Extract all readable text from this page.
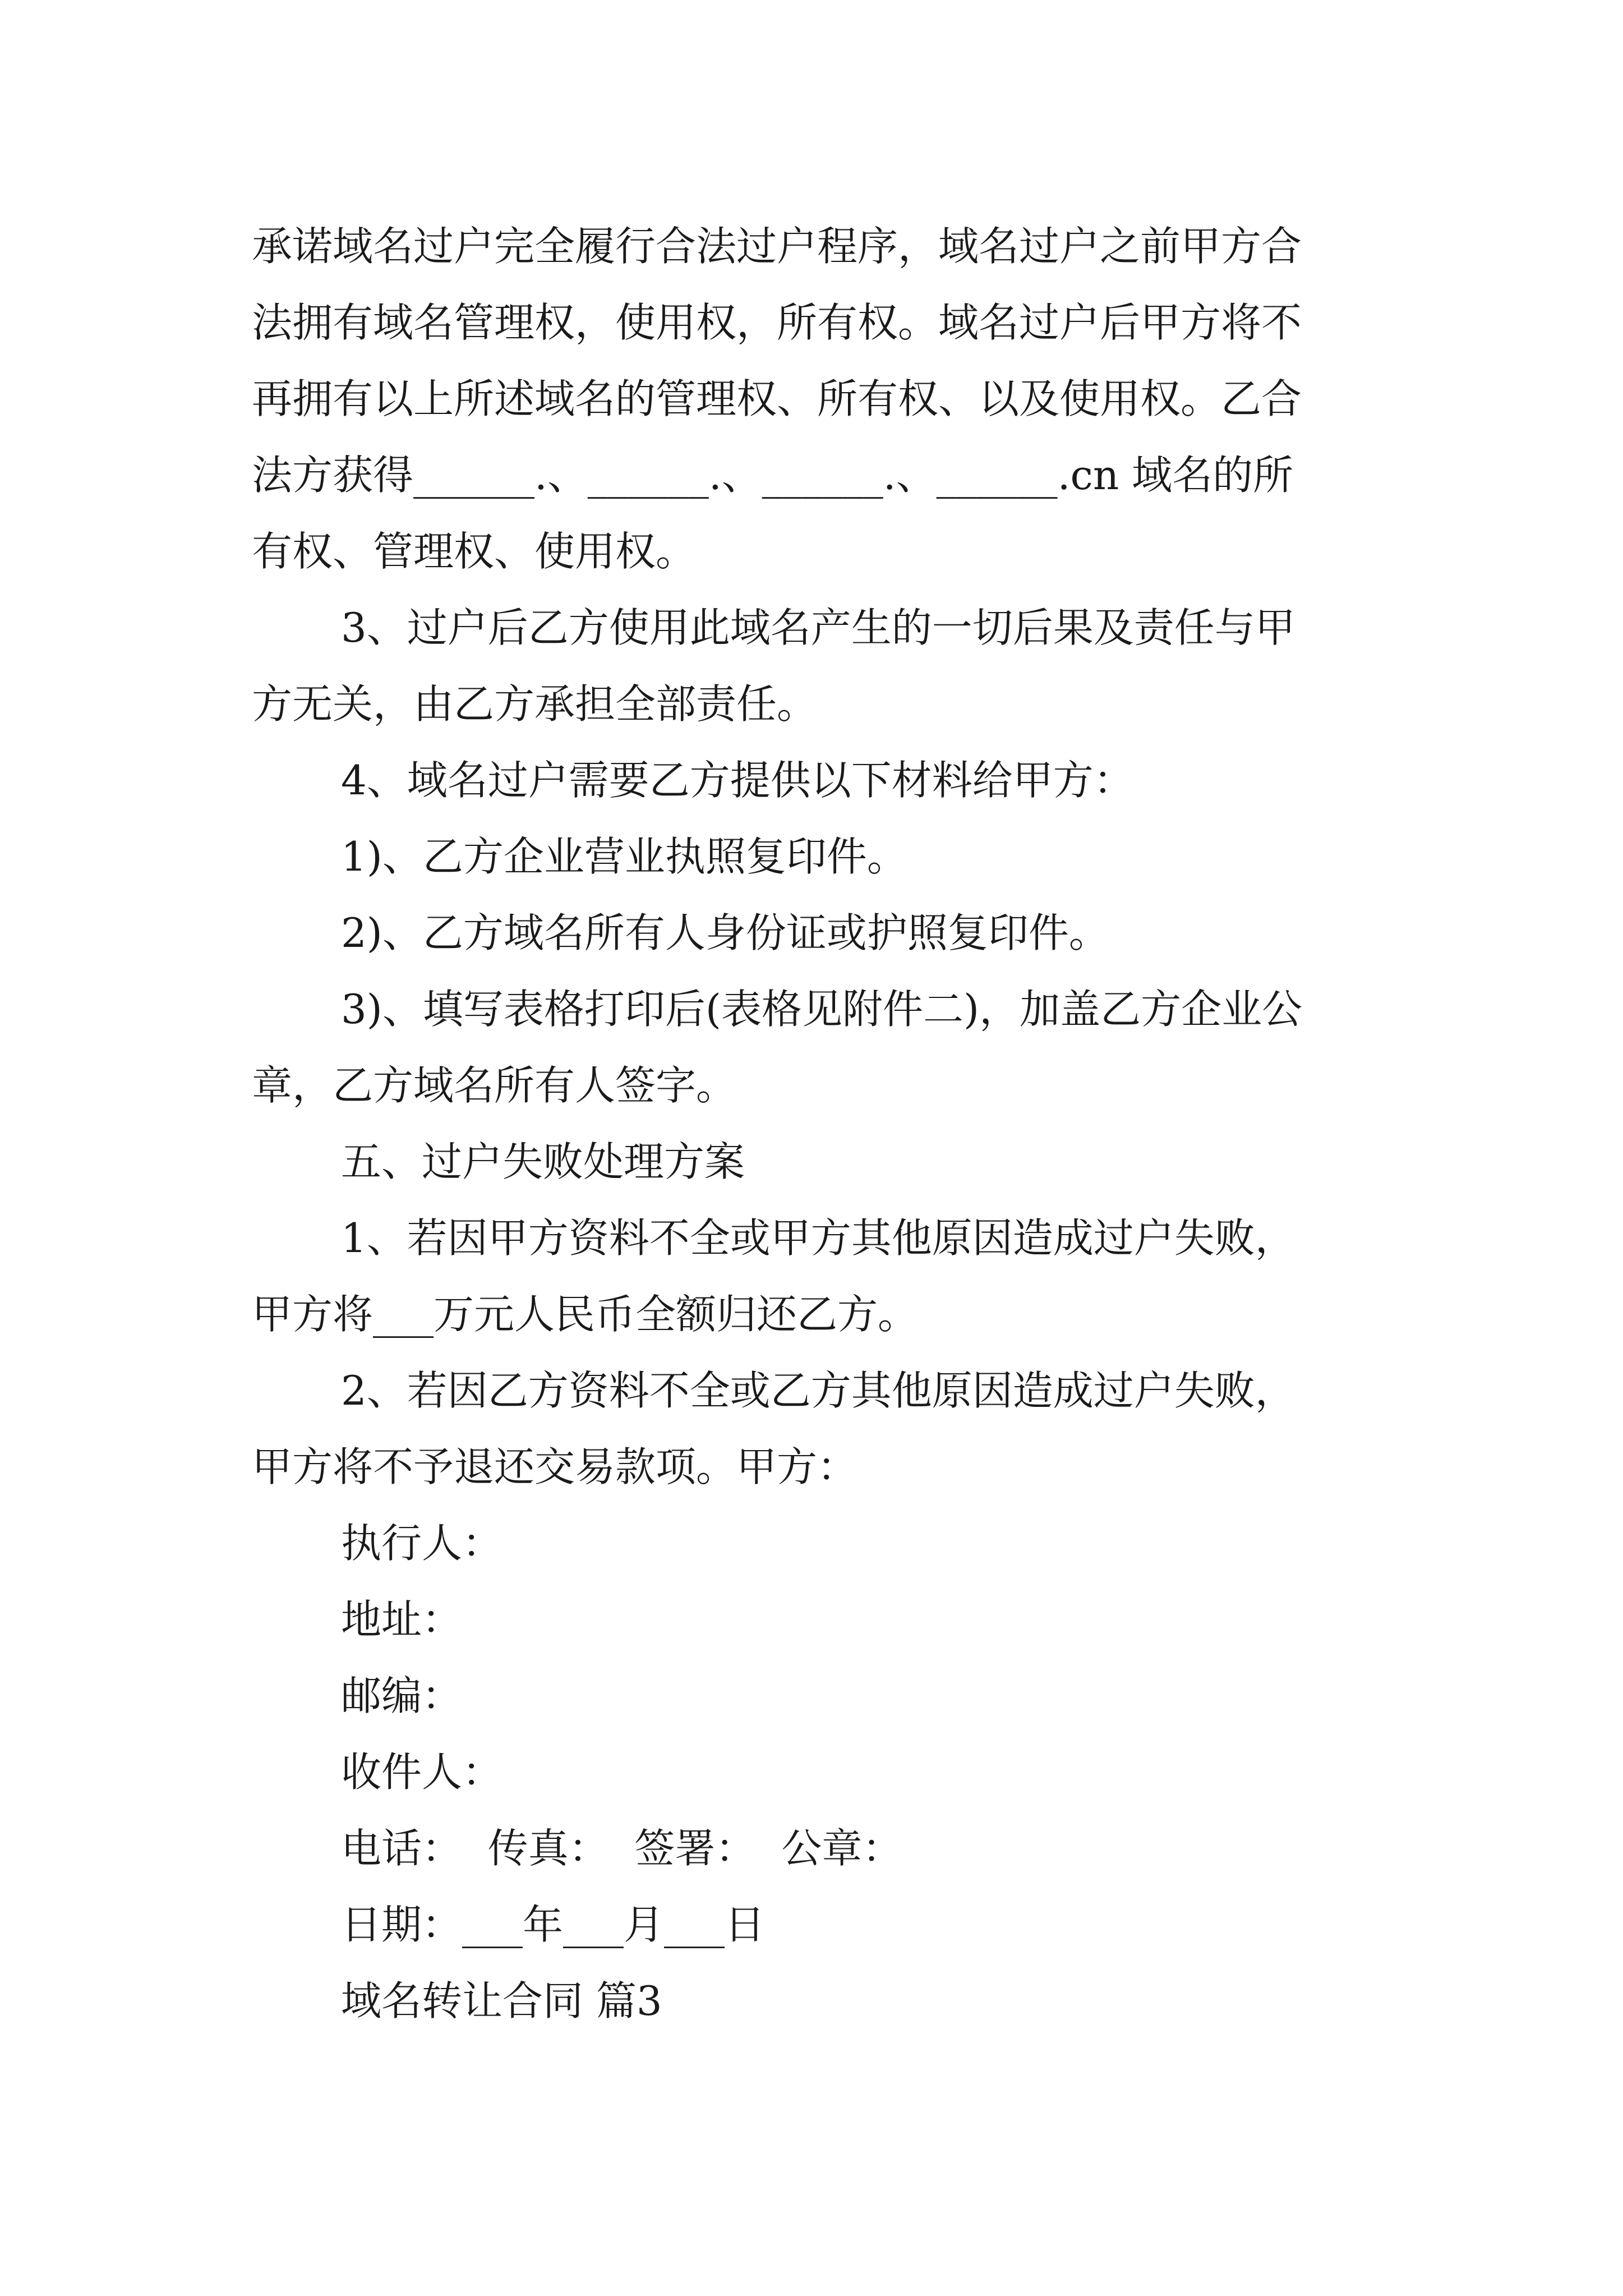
承诺域名过户完全履行合法过户程序，域名过户之前甲方合
法拥有域名管理权，使用权，所有权。域名过户后甲方将不
再拥有以上所述域名的管理权、所有权、以及使用权。乙合
法方获得______.、______.、______.、______.cn 域名的所
有权、管理权、使用权。
3、过户后乙方使用此域名产生的一切后果及责任与甲
方无关，由乙方承担全部责任。
4、域名过户需要乙方提供以下材料给甲方：
1)、乙方企业营业执照复印件。
2)、乙方域名所有人身份证或护照复印件。
3)、填写表格打印后(表格见附件二)，加盖乙方企业公
章，乙方域名所有人签字。
五、过户失败处理方案
1、若因甲方资料不全或甲方其他原因造成过户失败，
甲方将___万元人民币全额归还乙方。
2、若因乙方资料不全或乙方其他原因造成过户失败，
甲方将不予退还交易款项。甲方：
执行人：
地址：
邮编：
收件人：
电话：  传真：  签署：  公章：
日期：___年___月___日
域名转让合同 篇3
